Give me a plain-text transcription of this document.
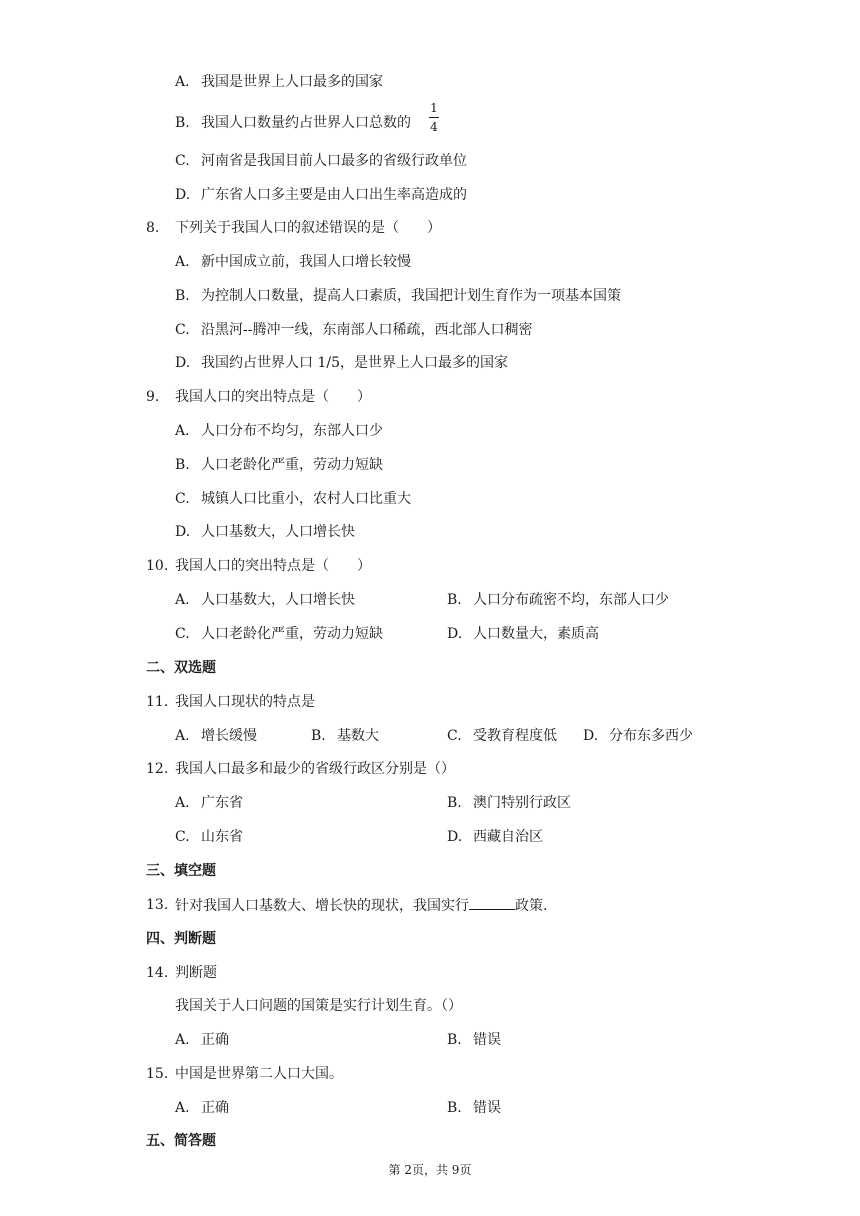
A. 我国是世界上人口最多的国家
B. 我国人口数量约占世界人口总数的
1
4
C. 河南省是我国目前人口最多的省级行政单位
D. 广东省人口多主要是由人口出生率高造成的
8. 下列关于我国人口的叙述错误的是（　　）
A. 新中国成立前，我国人口增长较慢
B. 为控制人口数量，提高人口素质，我国把计划生育作为一项基本国策
C. 沿黑河--腾冲一线，东南部人口稀疏，西北部人口稠密
D. 我国约占世界人口 1/5，是世界上人口最多的国家
9. 我国人口的突出特点是（　　）
A. 人口分布不均匀，东部人口少
B. 人口老龄化严重，劳动力短缺
C. 城镇人口比重小，农村人口比重大
D. 人口基数大，人口增长快
10. 我国人口的突出特点是（　　）
A. 人口基数大，人口增长快	B. 人口分布疏密不均，东部人口少
C. 人口老龄化严重，劳动力短缺	D. 人口数量大，素质高
二、双选题
11. 我国人口现状的特点是
A. 增长缓慢	B. 基数大	C. 受教育程度低 D. 分布东多西少
12. 我国人口最多和最少的省级行政区分别是（）
A. 广东省	B. 澳门特别行政区
C. 山东省	D. 西藏自治区
三、填空题
13. 针对我国人口基数大、增长快的现状，我国实行	政策.
四、判断题
14. 判断题
我国关于人口问题的国策是实行计划生育。（）
A. 正确	B. 错误
15. 中国是世界第二人口大国。
A. 正确	B. 错误
五、简答题
第 2页，共 9页
